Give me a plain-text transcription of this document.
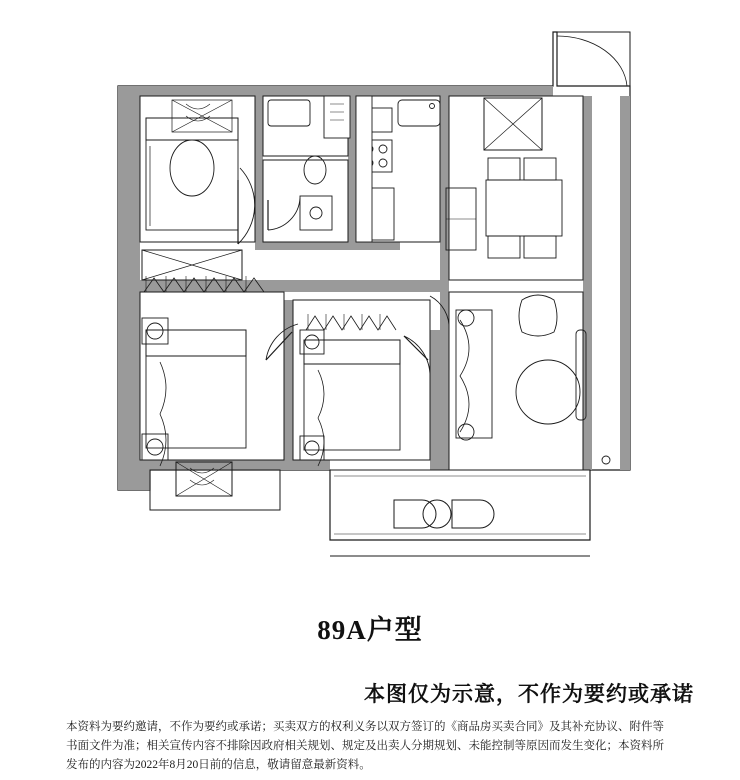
89A户型
本图仅为示意，不作为要约或承诺
本资料为要约邀请，不作为要约或承诺；买卖双方的权利义务以双方签订的《商品房买卖合同》及其补充协议、附件等
书面文件为准；相关宣传内容不排除因政府相关规划、规定及出卖人分期规划、未能控制等原因而发生变化；本资料所
发布的内容为2022年8月20日前的信息，敬请留意最新资料。
